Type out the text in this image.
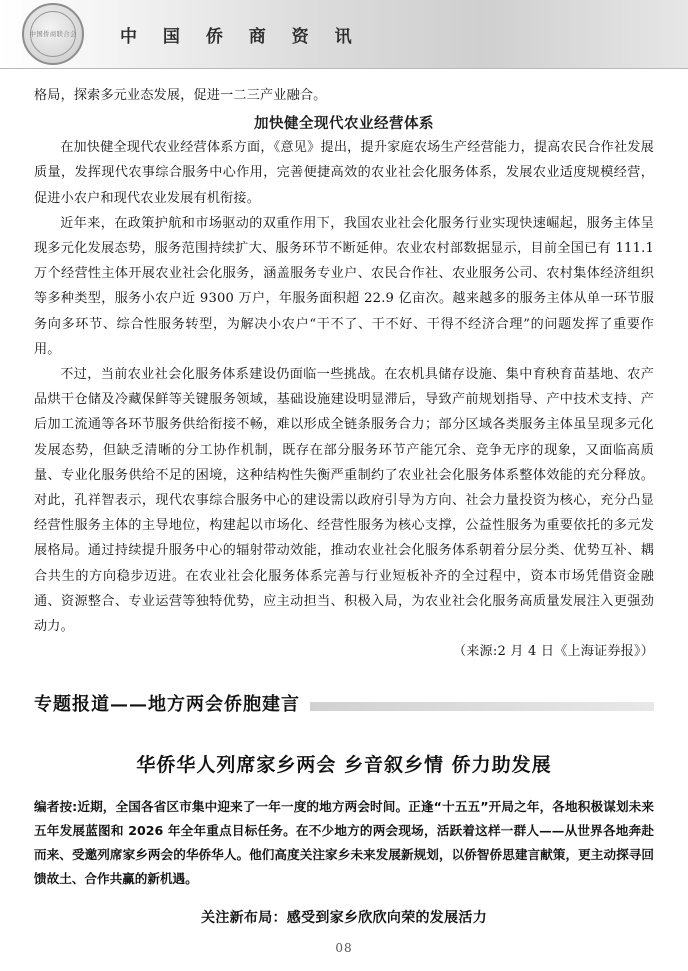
中国侨商联合会	中 国 侨 商 资 讯

格局，探索多元业态发展，促进一二三产业融合。

加快健全现代农业经营体系

在加快健全现代农业经营体系方面，《意见》提出，提升家庭农场生产经营能力，提高农民合作社发展质量，发挥现代农事综合服务中心作用，完善便捷高效的农业社会化服务体系，发展农业适度规模经营，促进小农户和现代农业发展有机衔接。

近年来，在政策护航和市场驱动的双重作用下，我国农业社会化服务行业实现快速崛起，服务主体呈现多元化发展态势，服务范围持续扩大、服务环节不断延伸。农业农村部数据显示，目前全国已有 111.1 万个经营性主体开展农业社会化服务，涵盖服务专业户、农民合作社、农业服务公司、农村集体经济组织等多种类型，服务小农户近 9300 万户，年服务面积超 22.9 亿亩次。越来越多的服务主体从单一环节服务向多环节、综合性服务转型，为解决小农户“干不了、干不好、干得不经济合理”的问题发挥了重要作用。

不过，当前农业社会化服务体系建设仍面临一些挑战。在农机具储存设施、集中育秧育苗基地、农产品烘干仓储及冷藏保鲜等关键服务领域，基础设施建设明显滞后，导致产前规划指导、产中技术支持、产后加工流通等各环节服务供给衔接不畅，难以形成全链条服务合力；部分区域各类服务主体虽呈现多元化发展态势，但缺乏清晰的分工协作机制，既存在部分服务环节产能冗余、竞争无序的现象，又面临高质量、专业化服务供给不足的困境，这种结构性失衡严重制约了农业社会化服务体系整体效能的充分释放。对此，孔祥智表示，现代农事综合服务中心的建设需以政府引导为方向、社会力量投资为核心，充分凸显经营性服务主体的主导地位，构建起以市场化、经营性服务为核心支撑，公益性服务为重要依托的多元发展格局。通过持续提升服务中心的辐射带动效能，推动农业社会化服务体系朝着分层分类、优势互补、耦合共生的方向稳步迈进。在农业社会化服务体系完善与行业短板补齐的全过程中，资本市场凭借资金融通、资源整合、专业运营等独特优势，应主动担当、积极入局，为农业社会化服务高质量发展注入更强劲动力。

（来源:2 月 4 日《上海证券报》）

专题报道——地方两会侨胞建言
华侨华人列席家乡两会 乡音叙乡情 侨力助发展

编者按:近期，全国各省区市集中迎来了一年一度的地方两会时间。正逢“十五五”开局之年，各地积极谋划未来五年发展蓝图和 2026 年全年重点目标任务。在不少地方的两会现场，活跃着这样一群人——从世界各地奔赴而来、受邀列席家乡两会的华侨华人。他们高度关注家乡未来发展新规划，以侨智侨思建言献策，更主动探寻回馈故土、合作共赢的新机遇。

关注新布局：感受到家乡欣欣向荣的发展活力
08
